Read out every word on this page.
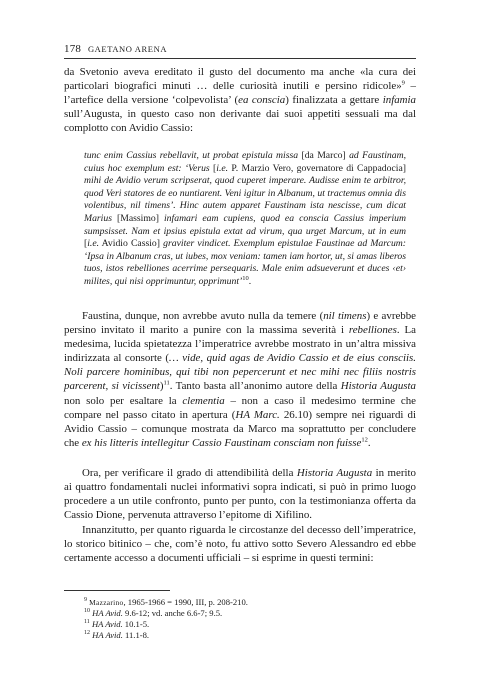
178 GAETANO ARENA
da Svetonio aveva ereditato il gusto del documento ma anche «la cura dei particolari biografici minuti … delle curiosità inutili e persino ridicole»$^9$ – l’artefice della versione ‘colpevolista’ (ea conscia) finalizzata a gettare infamia sull’Augusta, in questo caso non derivante dai suoi appetiti sessuali ma dal complotto con Avidio Cassio:
tunc enim Cassius rebellavit, ut probat epistula missa [da Marco] ad Faustinam, cuius hoc exemplum est: ‘Verus [i.e. P. Marzio Vero, governatore di Cappadocia] mihi de Avidio verum scripserat, quod cuperet imperare. Audisse enim te arbitror, quod Veri statores de eo nuntiarent. Veni igitur in Albanum, ut tractemus omnia dis volentibus, nil timens’. Hinc autem apparet Faustinam ista nescisse, cum dicat Marius [Massimo] infamari eam cupiens, quod ea conscia Cassius imperium sumpsisset. Nam et ipsius epistula extat ad virum, qua urget Marcum, ut in eum [i.e. Avidio Cassio] graviter vindicet. Exemplum epistulae Faustinae ad Marcum: ‘Ipsa in Albanum cras, ut iubes, mox veniam: tamen iam hortor, ut, si amas liberos tuos, istos rebelliones acerrime persequaris. Male enim adsueverunt et duces ‹et› milites, qui nisi opprimuntur, opprimunt’$^{10}$.
Faustina, dunque, non avrebbe avuto nulla da temere (nil timens) e avrebbe persino invitato il marito a punire con la massima severità i rebelliones. La medesima, lucida spietatezza l’imperatrice avrebbe mostrato in un’altra missiva indirizzata al consorte (… vide, quid agas de Avidio Cassio et de eius consciis. Noli parcere hominibus, qui tibi non pepercerunt et nec mihi nec filiis nostris parcerent, si vicissent)$^{11}$. Tanto basta all’anonimo autore della Historia Augusta non solo per esaltare la clementia – non a caso il medesimo termine che compare nel passo citato in apertura (HA Marc. 26.10) sempre nei riguardi di Avidio Cassio – comunque mostrata da Marco ma soprattutto per concludere che ex his litteris intellegitur Cassio Faustinam consciam non fuisse$^{12}$.
Ora, per verificare il grado di attendibilità della Historia Augusta in merito ai quattro fondamentali nuclei informativi sopra indicati, si può in primo luogo procedere a un utile confronto, punto per punto, con la testimonianza offerta da Cassio Dione, pervenuta attraverso l’epitome di Xifilino.
Innanzitutto, per quanto riguarda le circostanze del decesso dell’imperatrice, lo storico bitinico – che, com’è noto, fu attivo sotto Severo Alessandro ed ebbe certamente accesso a documenti ufficiali – si esprime in questi termini:
$^9$ Mazzarino, 1965-1966 = 1990, III, p. 208-210.
$^{10}$ HA Avid. 9.6-12; vd. anche 6.6-7; 9.5.
$^{11}$ HA Avid. 10.1-5.
$^{12}$ HA Avid. 11.1-8.
